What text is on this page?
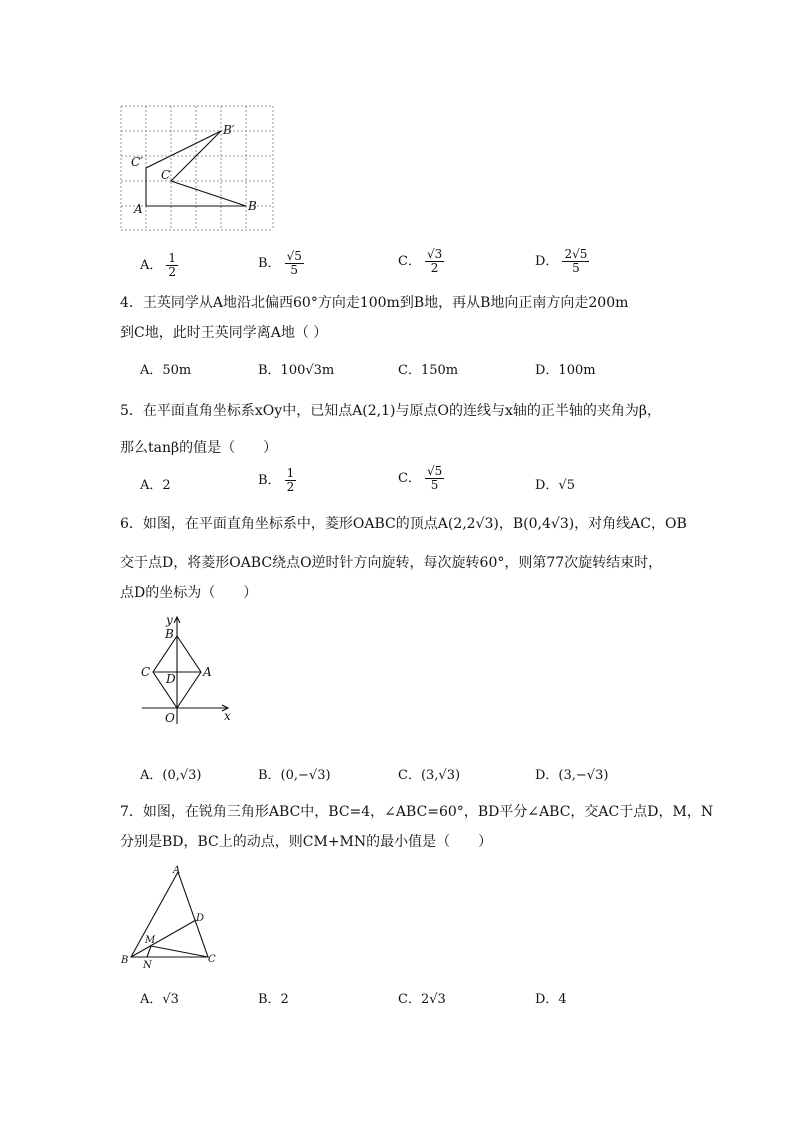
B′
C′
C
A	B
A． $\frac{1}{2}$	B． $\frac{√5}{5}$	C． $\frac{√3}{2}$	D． $\frac{2√5}{5}$
4．王英同学从A地沿北偏西60°方向走100m到B地，再从B地向正南方向走200m
到C地，此时王英同学离A地（ ）
A．50m	B．100√3m	C．150m	D．100m
5．在平面直角坐标系xOy中，已知点A(2,1)与原点O的连线与x轴的正半轴的夹角为β，
那么tanβ的值是（　　）
A．2	B． $\frac{1}{2}$	C． $\frac{√5}{5}$	D．√5
6．如图，在平面直角坐标系中，菱形OABC的顶点A(2,2√3)，B(0,4√3)，对角线AC，OB
交于点D，将菱形OABC绕点O逆时针方向旋转，每次旋转60°，则第77次旋转结束时，
点D的坐标为（　　）
y
B
C	A
D
O	x
A．(0,√3)	B．(0,−√3)	C．(3,√3)	D．(3,−√3)
7．如图，在锐角三角形ABC中，BC=4，∠ABC=60°，BD平分∠ABC，交AC于点D，M，N
分别是BD，BC上的动点，则CM+MN的最小值是（　　）
A
D
M
B N
C
A．√3	B．2	C．2√3	D．4
